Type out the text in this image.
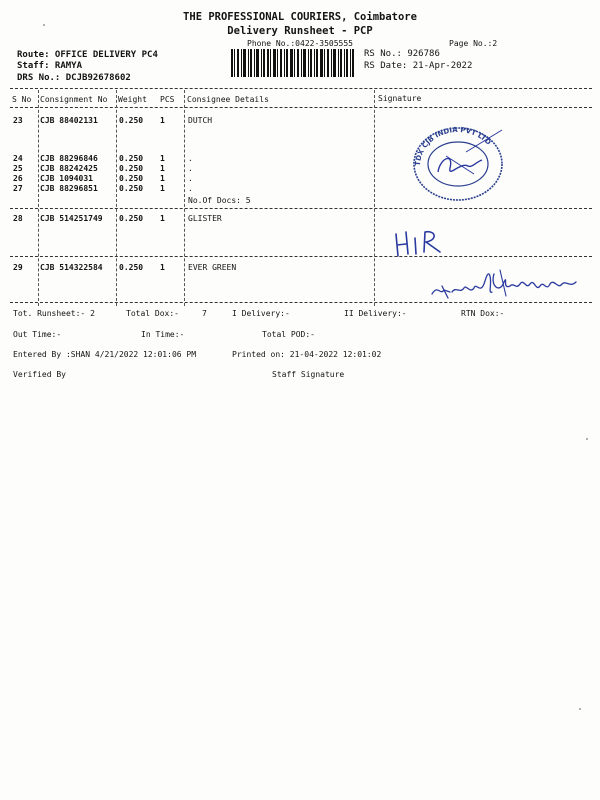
THE PROFESSIONAL COURIERS, Coimbatore
Delivery Runsheet - PCP
Phone No.:0422-3505555	Page No.:2
Route: OFFICE DELIVERY PC4
Staff: RAMYA
DRS No.: DCJB92678602
RS No.: 926786
RS Date: 21-Apr-2022
S No Consignment No Weight PCS Consignee Details	Signature
23 CJB 88402131	0.250 1	DUTCH
24 CJB 88296846	0.250 1	.
25 CJB 88242425	0.250 1	.
26 CJB 1094031	0.250 1	.
27 CJB 88296851	0.250 1	.
No.Of Docs: 5
28 CJB 514251749 0.250 1	GLISTER
29 CJB 514322584 0.250 1	EVER GREEN
TDX CJB INDIA PVT LTD
Tot. Runsheet:- 2	Total Dox:-	7	I Delivery:-	II Delivery:-	RTN Dox:-
Out Time:-	In Time:-	Total POD:-
Entered By :SHAN 4/21/2022 12:01:06 PM	Printed on: 21-04-2022 12:01:02
Verified By	Staff Signature
